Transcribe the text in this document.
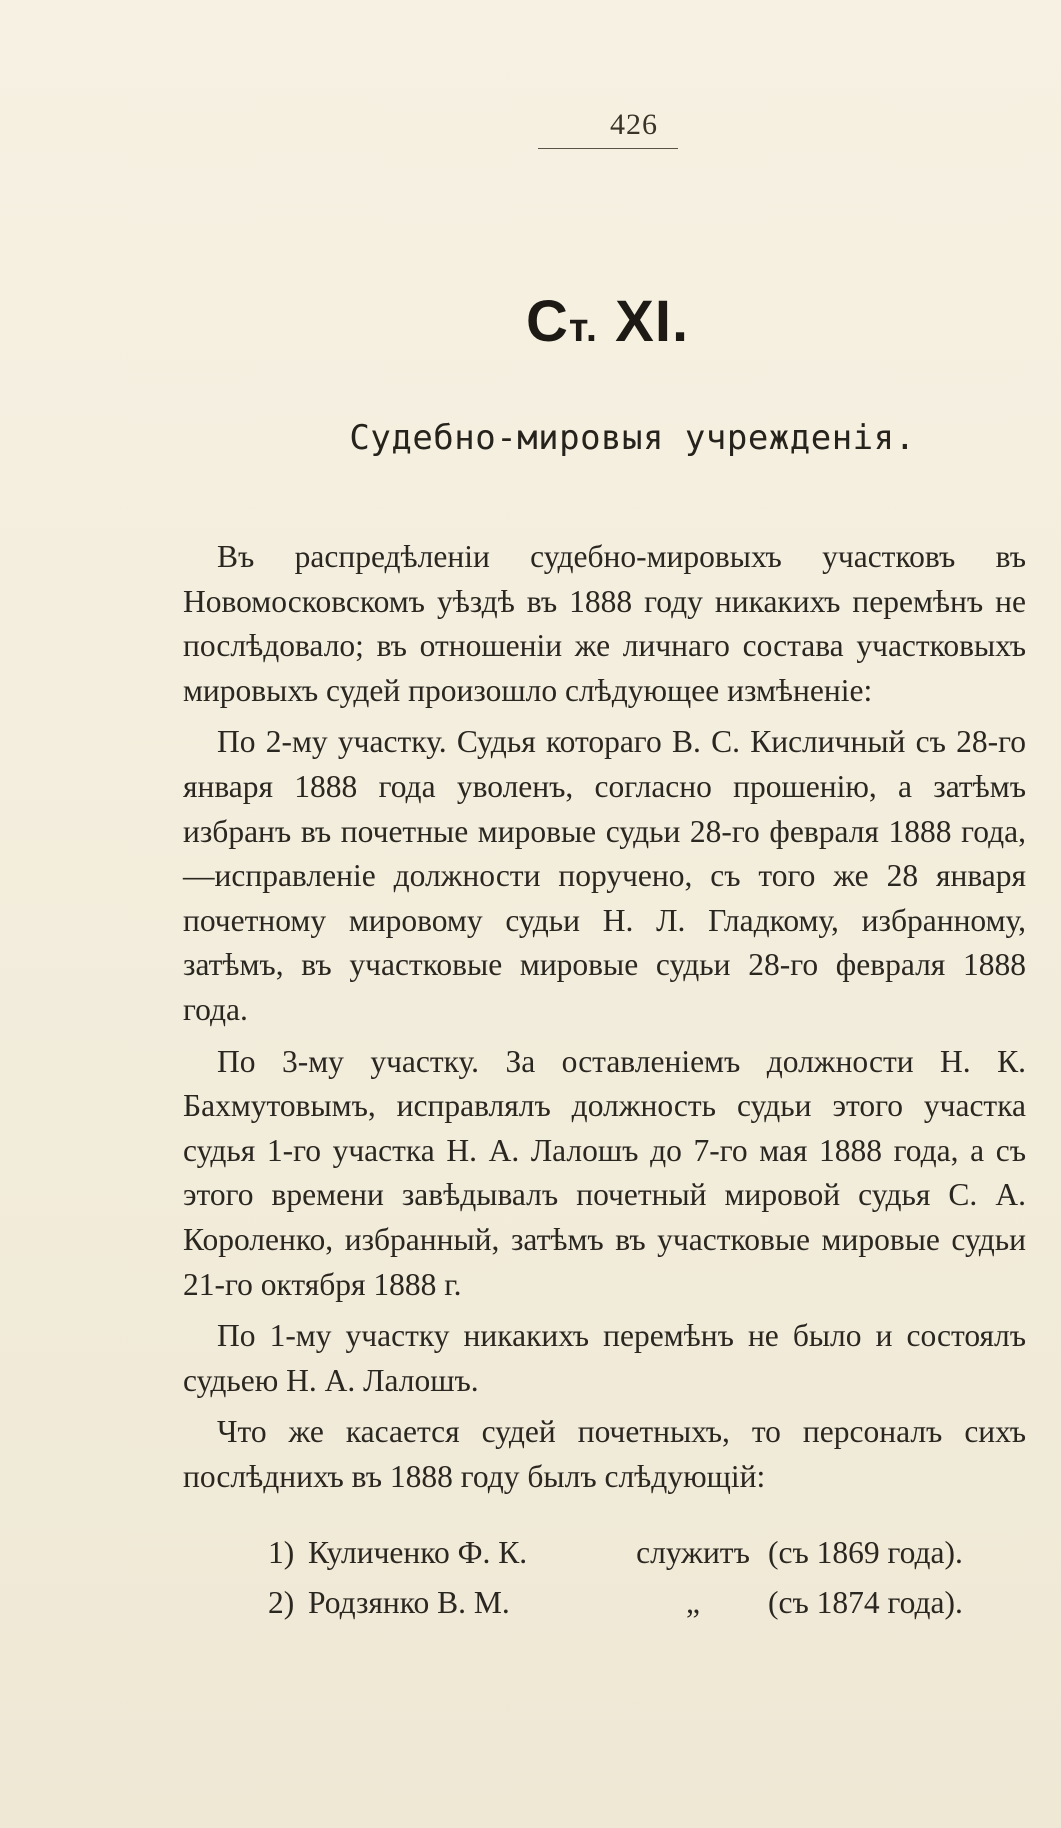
426
Ст. XI.
Судебно-мировыя учрежденія.

Въ распредѣленіи судебно-мировыхъ участковъ въ Новомосковскомъ уѣздѣ въ 1888 году никакихъ перемѣнъ не послѣдовало; въ отношеніи же личнаго состава участковыхъ мировыхъ судей произошло слѣдующее измѣненіе:

По 2-му участку. Судья котораго В. С. Кисличный съ 28-го января 1888 года уволенъ, согласно прошенію, а затѣмъ избранъ въ почетные мировые судьи 28-го февраля 1888 года,—исправленіе должности поручено, съ того же 28 января почетному мировому судьи Н. Л. Гладкому, избранному, затѣмъ, въ участковые мировые судьи 28-го февраля 1888 года.

По 3-му участку. За оставленіемъ должности Н. К. Бахмутовымъ, исправлялъ должность судьи этого участка судья 1-го участка Н. А. Лалошъ до 7-го мая 1888 года, а съ этого времени завѣдывалъ почетный мировой судья С. А. Короленко, избранный, затѣмъ въ участковые мировые судьи 21-го октября 1888 г.

По 1-му участку никакихъ перемѣнъ не было и состоялъ судьею Н. А. Лалошъ.

Что же касается судей почетныхъ, то персоналъ сихъ послѣднихъ въ 1888 году былъ слѣдующій:

1) Куличенко Ф. К.	служитъ (съ 1869 года).
2) Родзянко В. М.	„	(съ 1874 года).
